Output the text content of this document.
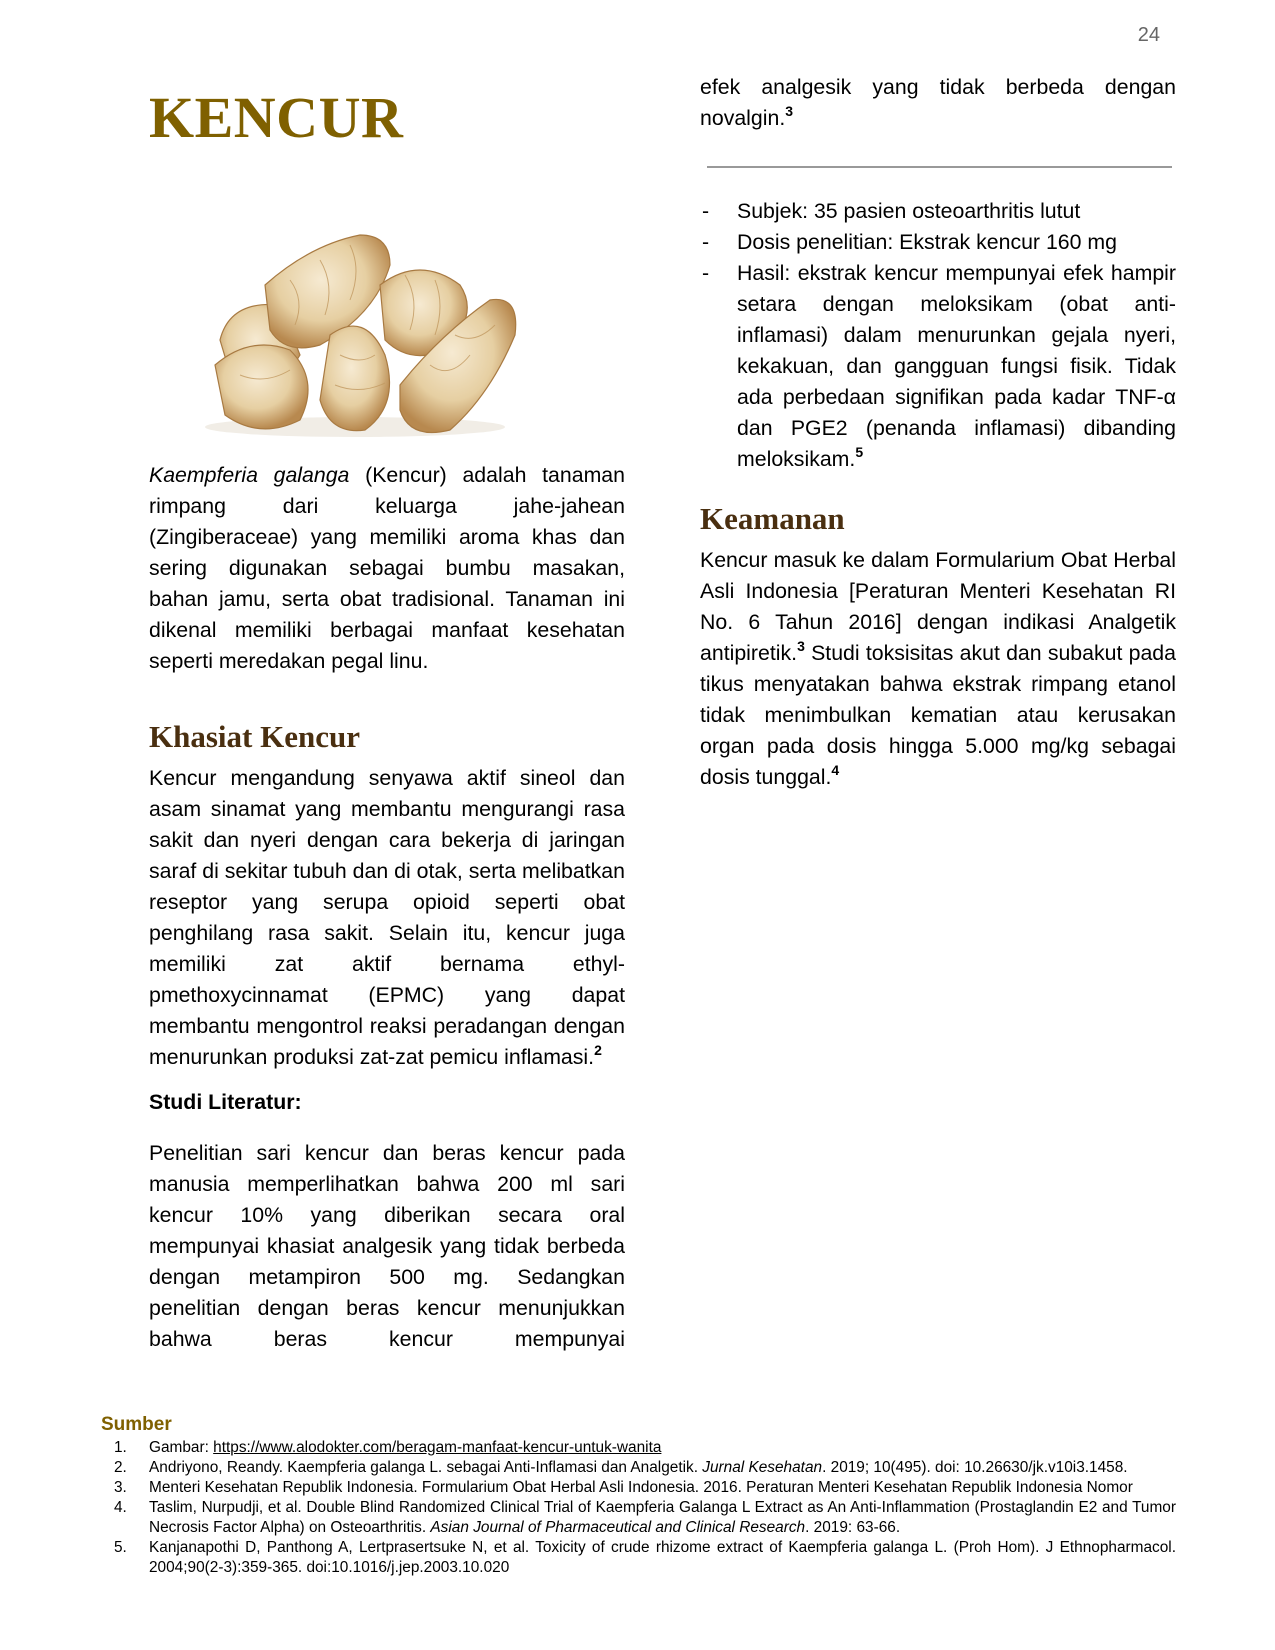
24
KENCUR

Kaempferia galanga (Kencur) adalah tanaman rimpang dari keluarga jahe-jahean (Zingiberaceae) yang memiliki aroma khas dan sering digunakan sebagai bumbu masakan, bahan jamu, serta obat tradisional. Tanaman ini dikenal memiliki berbagai manfaat kesehatan seperti meredakan pegal linu.

Khasiat Kencur

Kencur mengandung senyawa aktif sineol dan asam sinamat yang membantu mengurangi rasa sakit dan nyeri dengan cara bekerja di jaringan saraf di sekitar tubuh dan di otak, serta melibatkan reseptor yang serupa opioid seperti obat penghilang rasa sakit. Selain itu, kencur juga memiliki zat aktif bernama ethyl-pmethoxycinnamat (EPMC) yang dapat membantu mengontrol reaksi peradangan dengan menurunkan produksi zat-zat pemicu inflamasi.$^2$

Studi Literatur:

Penelitian sari kencur dan beras kencur pada manusia memperlihatkan bahwa 200 ml sari kencur 10% yang diberikan secara oral mempunyai khasiat analgesik yang tidak berbeda dengan metampiron 500 mg. Sedangkan penelitian dengan beras kencur menunjukkan bahwa beras kencur mempunyai

efek analgesik yang tidak berbeda dengan novalgin.$^3$

- Subjek: 35 pasien osteoarthritis lutut
- Dosis penelitian: Ekstrak kencur 160 mg
- Hasil: ekstrak kencur mempunyai efek hampir setara dengan meloksikam (obat anti-inflamasi) dalam menurunkan gejala nyeri, kekakuan, dan gangguan fungsi fisik. Tidak ada perbedaan signifikan pada kadar TNF-α dan PGE2 (penanda inflamasi) dibanding meloksikam.$^5$
Keamanan

Kencur masuk ke dalam Formularium Obat Herbal Asli Indonesia [Peraturan Menteri Kesehatan RI No. 6 Tahun 2016] dengan indikasi Analgetik antipiretik.$^3$ Studi toksisitas akut dan subakut pada tikus menyatakan bahwa ekstrak rimpang etanol tidak menimbulkan kematian atau kerusakan organ pada dosis hingga 5.000 mg/kg sebagai dosis tunggal.$^4$

Sumber
1.	Gambar: https://www.alodokter.com/beragam-manfaat-kencur-untuk-wanita
2.	Andriyono, Reandy. Kaempferia galanga L. sebagai Anti-Inflamasi dan Analgetik. Jurnal Kesehatan. 2019; 10(495). doi: 10.26630/jk.v10i3.1458.
3.	Menteri Kesehatan Republik Indonesia. Formularium Obat Herbal Asli Indonesia. 2016. Peraturan Menteri Kesehatan Republik Indonesia Nomor
4.	Taslim, Nurpudji, et al. Double Blind Randomized Clinical Trial of Kaempferia Galanga L Extract as An Anti-Inflammation (Prostaglandin E2 and Tumor Necrosis Factor Alpha) on Osteoarthritis. Asian Journal of Pharmaceutical and Clinical Research. 2019: 63-66.
5.	Kanjanapothi D, Panthong A, Lertprasertsuke N, et al. Toxicity of crude rhizome extract of Kaempferia galanga L. (Proh Hom). J Ethnopharmacol. 2004;90(2-3):359-365. doi:10.1016/j.jep.2003.10.020
